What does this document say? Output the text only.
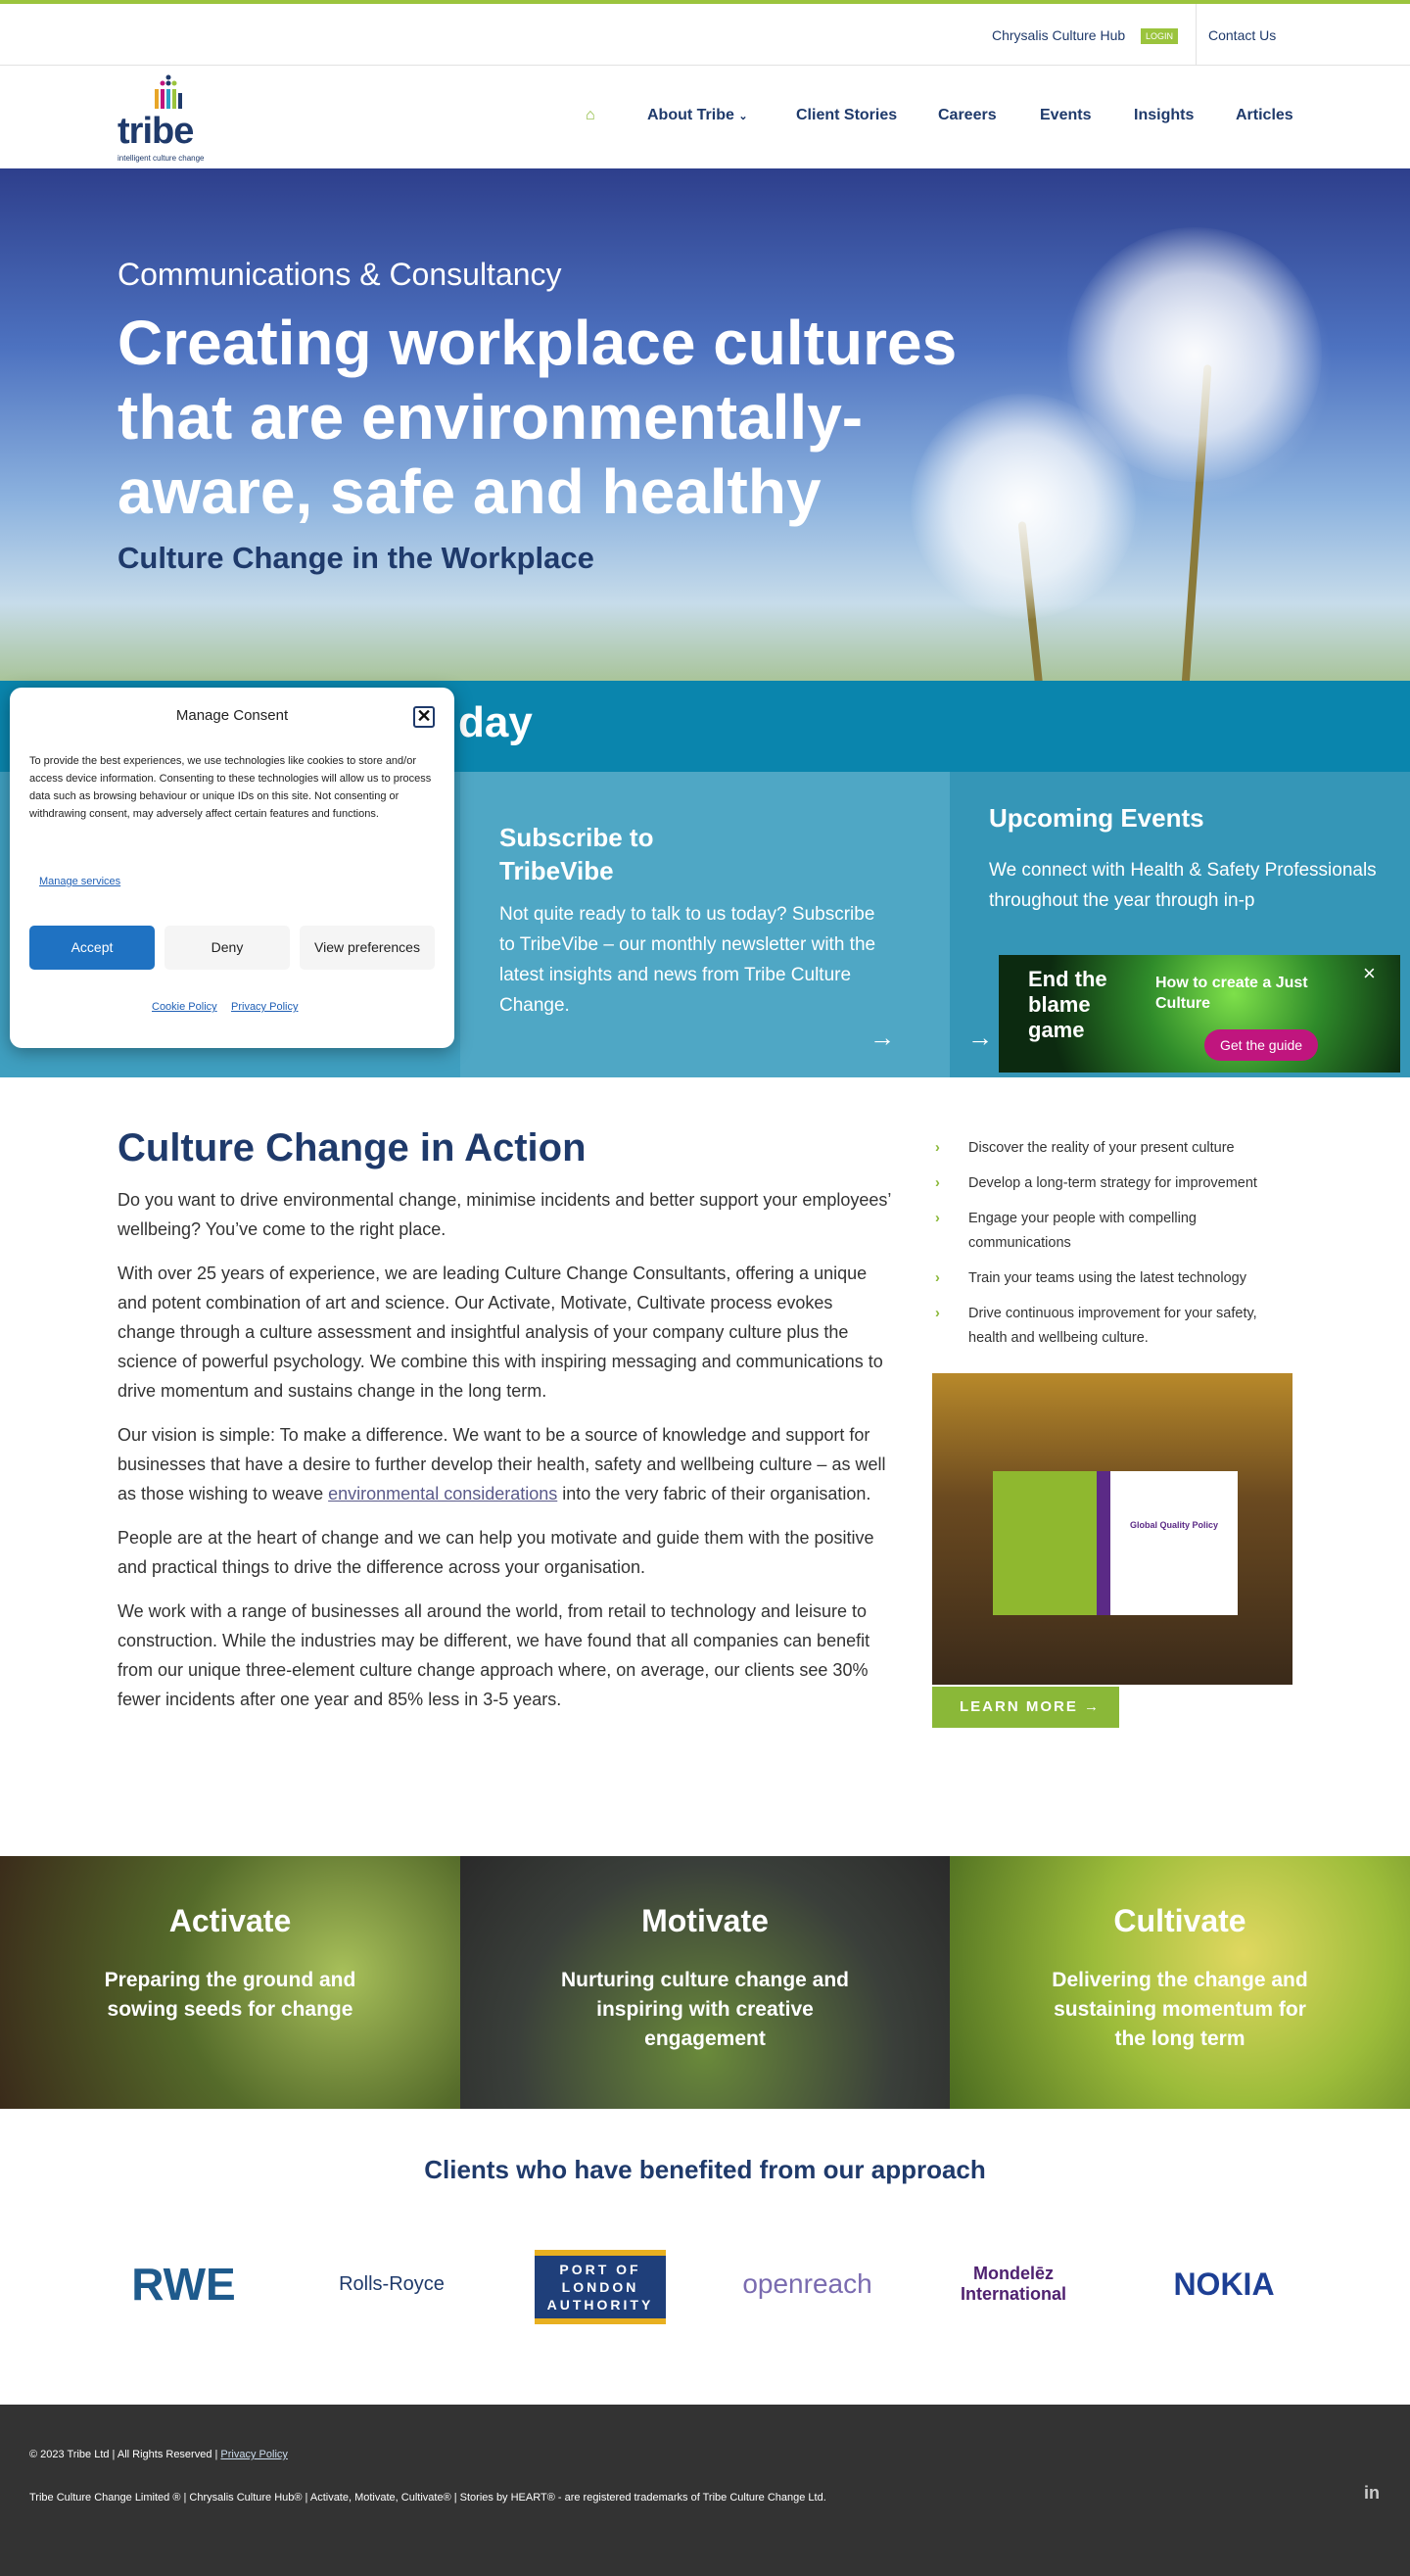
Chrysalis Culture Hub	LOGIN	Contact Us
tribe
intelligent culture change
⌂	About Tribe ⌄	Client Stories	Careers	Events	Insights	Articles
Communications & Consultancy
Creating workplace cultures that are environmentally-aware, safe and healthy
Culture Change in the Workplace
day
Subscribe to TribeVibe

Not quite ready to talk to us today? Subscribe to TribeVibe – our monthly newsletter with the latest insights and news from Tribe Culture Change.

→
Upcoming Events

We connect with Health & Safety Professionals throughout the year through in-p

→
Manage Consent	✕
To provide the best experiences, we use technologies like cookies to store and/or access device information. Consenting to these technologies will allow us to process data such as browsing behaviour or unique IDs on this site. Not consenting or withdrawing consent, may adversely affect certain features and functions.
Manage services
Accept	Deny	View preferences
Cookie Policy Privacy Policy
End the blame game
How to create a Just Culture
Get the guide
×
Culture Change in Action

Do you want to drive environmental change, minimise incidents and better support your employees’ wellbeing? You’ve come to the right place.

With over 25 years of experience, we are leading Culture Change Consultants, offering a unique and potent combination of art and science. Our Activate, Motivate, Cultivate process evokes change through a culture assessment and insightful analysis of your company culture plus the science of powerful psychology. We combine this with inspiring messaging and communications to drive momentum and sustains change in the long term.

Our vision is simple: To make a difference. We want to be a source of knowledge and support for businesses that have a desire to further develop their health, safety and wellbeing culture – as well as those wishing to weave environmental considerations into the very fabric of their organisation.

People are at the heart of change and we can help you motivate and guide them with the positive and practical things to drive the difference across your organisation.

We work with a range of businesses all around the world, from retail to technology and leisure to construction. While the industries may be different, we have found that all companies can benefit from our unique three-element culture change approach where, on average, our clients see 30% fewer incidents after one year and 85% less in 3-5 years.

› Discover the reality of your present culture
› Develop a long-term strategy for improvement
› Engage your people with compelling communications
› Train your teams using the latest technology
› Drive continuous improvement for your safety, health and wellbeing culture.
Global Quality Policy
LEARN MORE →
Activate

Preparing the ground and sowing seeds for change

Motivate

Nurturing culture change and inspiring with creative engagement

Cultivate

Delivering the change and sustaining momentum for the long term

Clients who have benefited from our approach
RWE	Rolls-Royce
PORT OF LONDON AUTHORITY
openreach	Mondelēz International	NOKIA
© 2023 Tribe Ltd | All Rights Reserved | Privacy Policy
Tribe Culture Change Limited ® | Chrysalis Culture Hub® | Activate, Motivate, Cultivate® | Stories by HEART® - are registered trademarks of Tribe Culture Change Ltd.	in
